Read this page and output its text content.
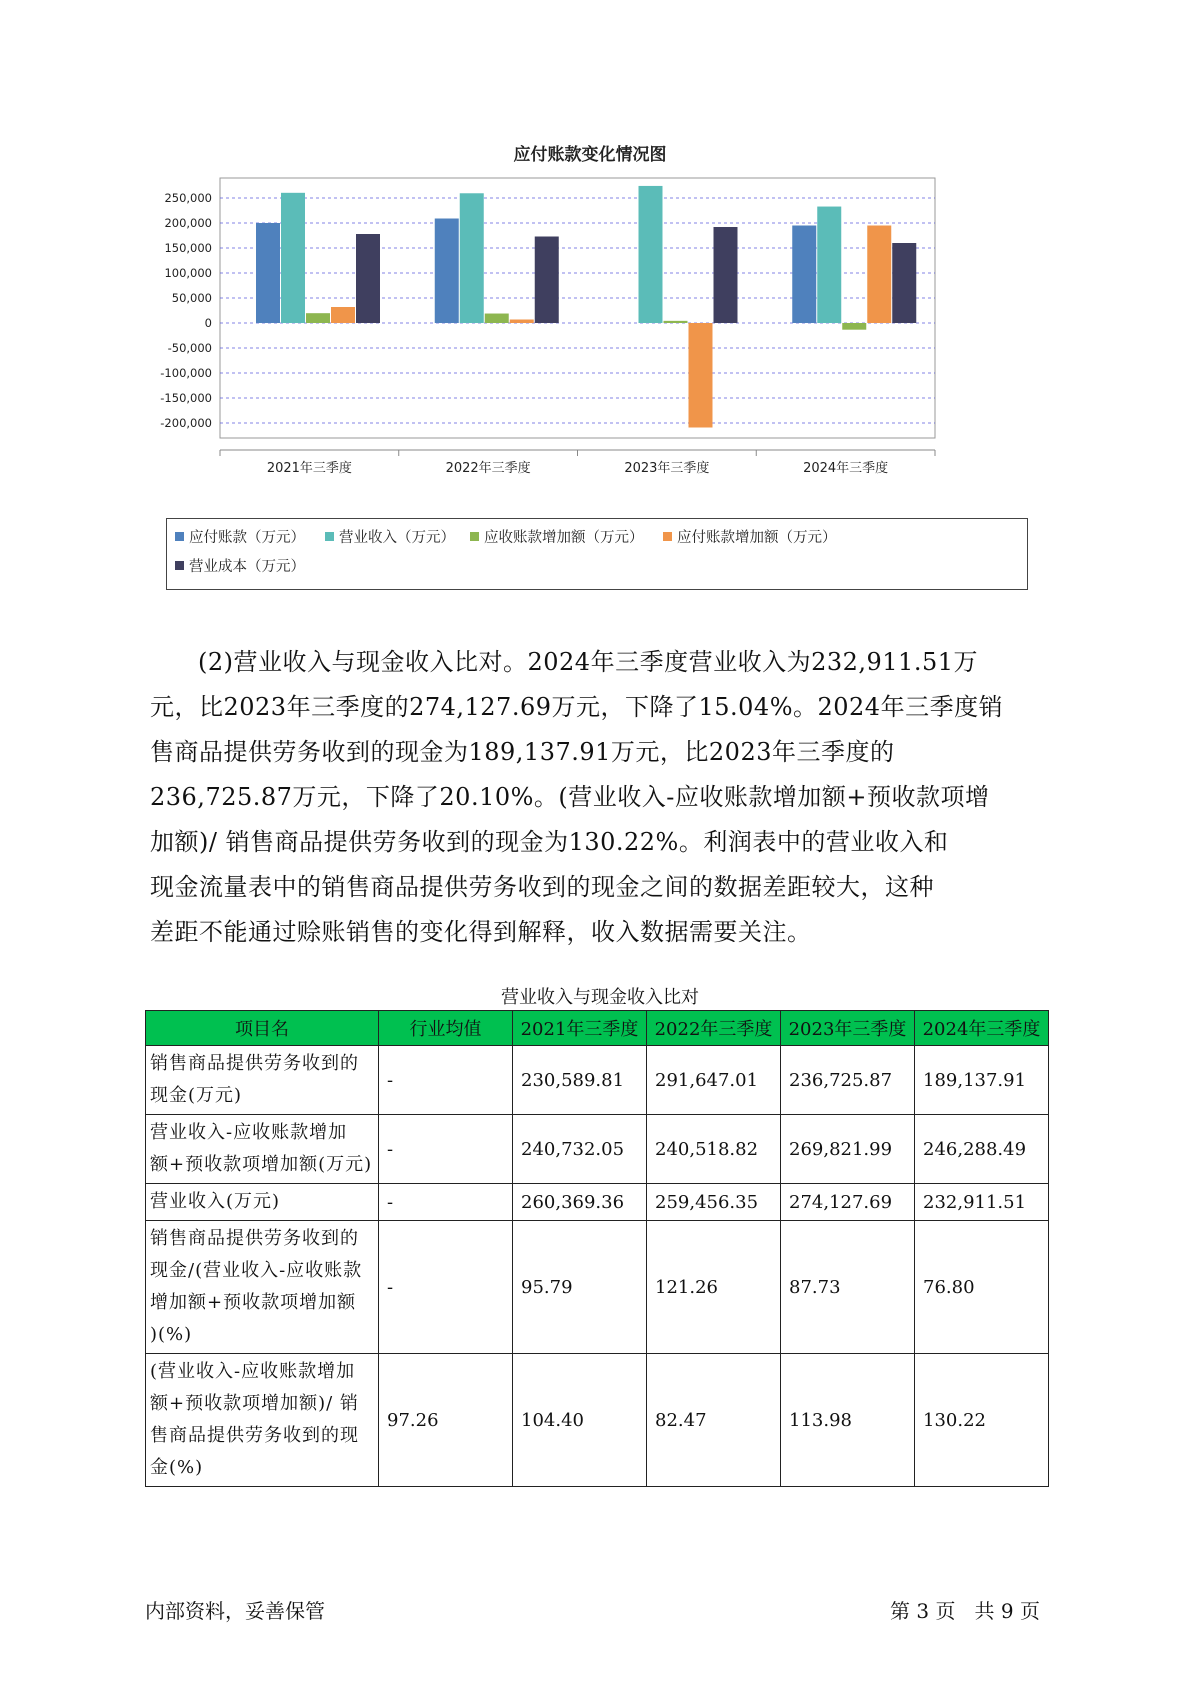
250,000
200,000
150,000
100,000
50,000
0
-50,000
-100,000
-150,000
-200,000
2021年三季度	2022年三季度	2023年三季度	2024年三季度
应付账款变化情况图
应付账款（万元） 营业收入（万元） 应收账款增加额（万元） 应付账款增加额（万元）
营业成本（万元）
(2)营业收入与现金收入比对。2024年三季度营业收入为232,911.51万
元，比2023年三季度的274,127.69万元，下降了15.04%。2024年三季度销
售商品提供劳务收到的现金为189,137.91万元，比2023年三季度的
236,725.87万元，下降了20.10%。(营业收入-应收账款增加额+预收款项增
加额)/ 销售商品提供劳务收到的现金为130.22%。利润表中的营业收入和
现金流量表中的销售商品提供劳务收到的现金之间的数据差距较大，这种
差距不能通过赊账销售的变化得到解释，收入数据需要关注。
营业收入与现金收入比对
项目名	行业均值	2021年三季度	2022年三季度	2023年三季度	2024年三季度

销售商品提供劳务收到的
现金(万元)	-	230,589.81	291,647.01	236,725.87	189,137.91

营业收入-应收账款增加
额+预收款项增加额(万元)	-	240,732.05	240,518.82	269,821.99	246,288.49

营业收入(万元)	-	260,369.36	259,456.35	274,127.69	232,911.51

销售商品提供劳务收到的
现金/(营业收入-应收账款
增加额+预收款项增加额
)(%)	-	95.79	121.26	87.73	76.80

(营业收入-应收账款增加
额+预收款项增加额)/ 销
售商品提供劳务收到的现
金(%)	97.26	104.40	82.47	113.98	130.22
内部资料，妥善保管	第 3 页   共 9 页
